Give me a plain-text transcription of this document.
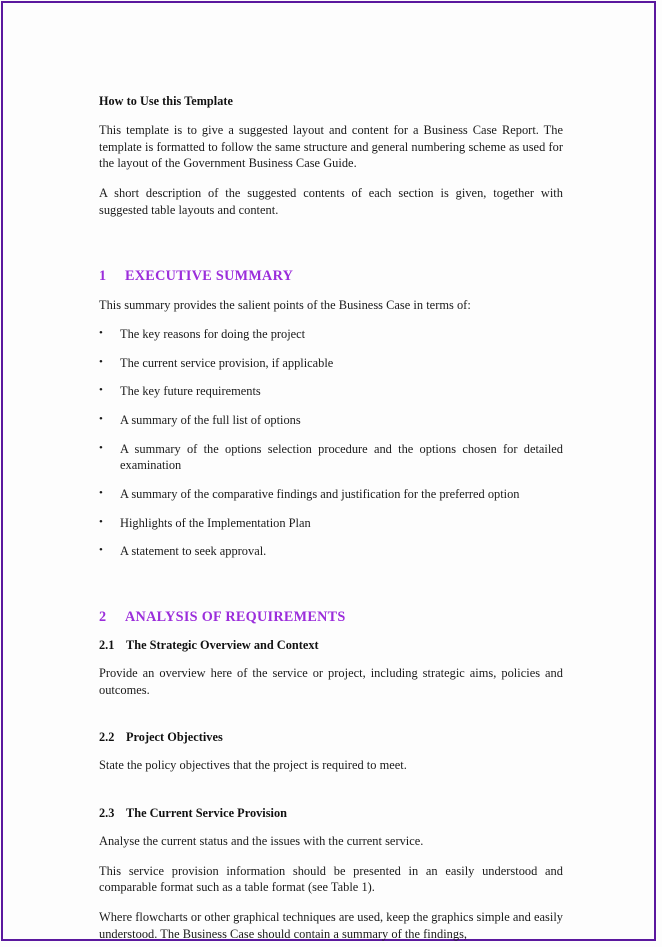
How to Use this Template

This template is to give a suggested layout and content for a Business Case Report. The template is formatted to follow the same structure and general numbering scheme as used for the layout of the Government Business Case Guide.

A short description of the suggested contents of each section is given, together with suggested table layouts and content.

1	EXECUTIVE SUMMARY

This summary provides the salient points of the Business Case in terms of:

•	The key reasons for doing the project
•	The current service provision, if applicable
•	The key future requirements
•	A summary of the full list of options
•	A summary of the options selection procedure and the options chosen for detailed examination
•	A summary of the comparative findings and justification for the preferred option
•	Highlights of the Implementation Plan
•	A statement to seek approval.
2	ANALYSIS OF REQUIREMENTS
2.1 The Strategic Overview and Context

Provide an overview here of the service or project, including strategic aims, policies and outcomes.

2.2 Project Objectives

State the policy objectives that the project is required to meet.

2.3 The Current Service Provision

Analyse the current status and the issues with the current service.

This service provision information should be presented in an easily understood and comparable format such as a table format (see Table 1).

Where flowcharts or other graphical techniques are used, keep the graphics simple and easily understood. The Business Case should contain a summary of the findings,
